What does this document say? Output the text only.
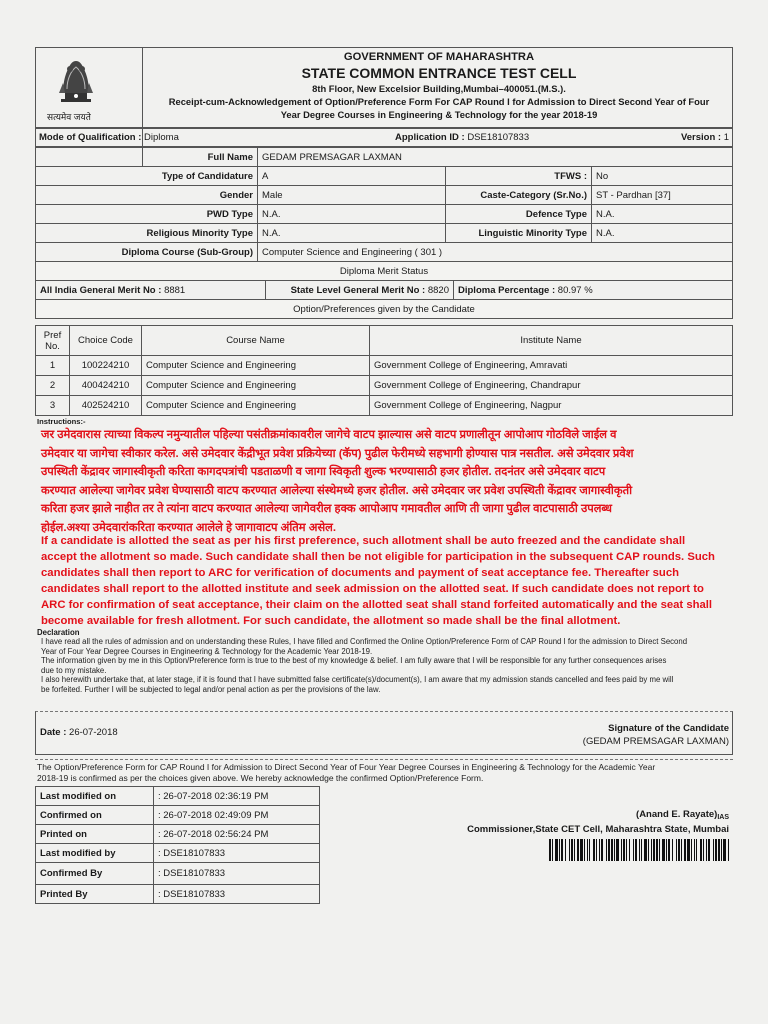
सत्यमेव जयते
GOVERNMENT OF MAHARASHTRA
STATE COMMON ENTRANCE TEST CELL
8th Floor, New Excelsior Building,Mumbai–400051.(M.S.).
Receipt-cum-Acknowledgement of Option/Preference Form For CAP Round I for Admission to Direct Second Year of Four
Year Degree Courses in Engineering & Technology for the year 2018-19
Mode of Qualification : Diploma	Application ID : DSE18107833	Version : 1
Full Name	GEDAM PREMSAGAR LAXMAN		
Type of Candidature	A	TFWS :	No
Gender	Male	Caste-Category (Sr.No.)	ST - Pardhan [37]
PWD Type	N.A.	Defence Type	N.A.
Religious Minority Type	N.A.	Linguistic Minority Type	N.A.
Diploma Course (Sub-Group)	Computer Science and Engineering ( 301 )		
Diploma Merit Status			
All India General Merit No : 8881	State Level General Merit No : 8820	Diploma Percentage : 80.97 %
Option/Preferences given by the Candidate
Pref No.	Choice Code	Course Name	Institute Name
1	100224210	Computer Science and Engineering	Government College of Engineering, Amravati
2	400424210	Computer Science and Engineering	Government College of Engineering, Chandrapur
3	402524210	Computer Science and Engineering	Government College of Engineering, Nagpur
Instructions:-
जर उमेदवारास त्याच्या विकल्प नमुन्यातील पहिल्या पसंतीक्रमांकावरील जागेचे वाटप झाल्यास असे वाटप प्रणालीतून आपोआप गोठविले जाईल व
उमेदवार या जागेचा स्वीकार करेल. असे उमेदवार केंद्रीभूत प्रवेश प्रक्रियेच्या (कॅप) पुढील फेरीमध्ये सहभागी होण्यास पात्र नसतील. असे उमेदवार प्रवेश
उपस्थिती केंद्रावर जागास्वीकृती करिता कागदपत्रांची पडताळणी व जागा स्विकृती शुल्क भरण्यासाठी हजर होतील. तदनंतर असे उमेदवार वाटप
करण्यात आलेल्या जागेवर प्रवेश घेण्यासाठी वाटप करण्यात आलेल्या संस्थेमध्ये हजर होतील. असे उमेदवार जर प्रवेश उपस्थिती केंद्रावर जागास्वीकृती
करिता हजर झाले नाहीत तर ते त्यांना वाटप करण्यात आलेल्या जागेवरील हक्क आपोआप गमावतील आणि ती जागा पुढील वाटपासाठी उपलब्ध
होईल.अश्या उमेदवारांकरिता करण्यात आलेले हे जागावाटप अंतिम असेल.
If a candidate is allotted the seat as per his first preference, such allotment shall be auto freezed and the candidate shall
accept the allotment so made. Such candidate shall then be not eligible for participation in the subsequent CAP rounds. Such
candidates shall then report to ARC for verification of documents and payment of seat acceptance fee. Thereafter such
candidates shall report to the allotted institute and seek admission on the allotted seat. If such candidate does not report to
ARC for confirmation of seat acceptance, their claim on the allotted seat shall stand forfeited automatically and the seat shall
become available for fresh allotment. For such candidate, the allotment so made shall be the final allotment.
Declaration
I have read all the rules of admission and on understanding these Rules, I have filled and Confirmed the Online Option/Preference Form of CAP Round I for the admission to Direct Second
Year of Four Year Degree Courses in Engineering & Technology for the Academic Year 2018-19.
The information given by me in this Option/Preference form is true to the best of my knowledge & belief. I am fully aware that I will be responsible for any further consequences arises
due to my mistake.
I also herewith undertake that, at later stage, if it is found that I have submitted false certificate(s)/document(s), I am aware that my admission stands cancelled and fees paid by me will
be forfeited. Further I will be subjected to legal and/or penal action as per the provisions of the law.
Date : 26-07-2018	Signature of the Candidate
(GEDAM PREMSAGAR LAXMAN)
The Option/Preference Form for CAP Round I for Admission to Direct Second Year of Four Year Degree Courses in Engineering & Technology for the Academic Year
2018-19 is confirmed as per the choices given above. We hereby acknowledge the confirmed Option/Preference Form.
Last modified on	: 26-07-2018 02:36:19 PM
Confirmed on	: 26-07-2018 02:49:09 PM
Printed on	: 26-07-2018 02:56:24 PM
Last modified by	: DSE18107833
Confirmed By	: DSE18107833
Printed By	: DSE18107833
(Anand E. $Rayate)_{IAS}$
Commissioner,State CET Cell, Maharashtra State, Mumbai
